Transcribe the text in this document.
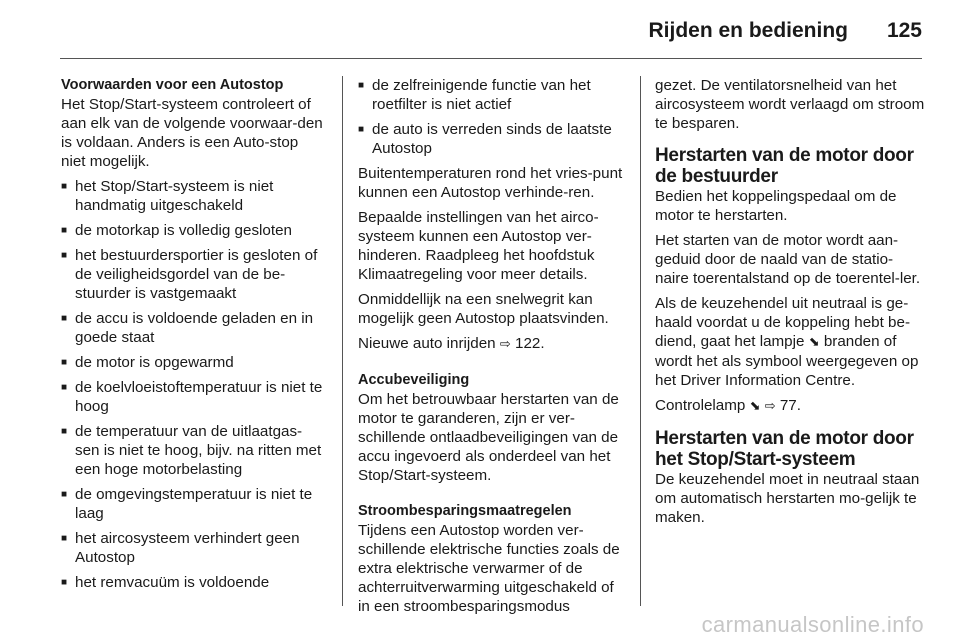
Rijden en bediening 125
Voorwaarden voor een Autostop

Het Stop/Start-systeem controleert of aan elk van de volgende voorwaar-den is voldaan. Anders is een Auto-stop niet mogelijk.

■ het Stop/Start-systeem is niet handmatig uitgeschakeld
■ de motorkap is volledig gesloten
■ het bestuurdersportier is gesloten of de veiligheidsgordel van de be-stuurder is vastgemaakt
■ de accu is voldoende geladen en in goede staat
■ de motor is opgewarmd
■ de koelvloeistoftemperatuur is niet te hoog
■ de temperatuur van de uitlaatgas-sen is niet te hoog, bijv. na ritten met een hoge motorbelasting
■ de omgevingstemperatuur is niet te laag
■ het aircosysteem verhindert geen Autostop
■ het remvacuüm is voldoende
■ de zelfreinigende functie van het roetfilter is niet actief
■ de auto is verreden sinds de laatste Autostop

Buitentemperaturen rond het vries-punt kunnen een Autostop verhinde-ren.

Bepaalde instellingen van het airco-systeem kunnen een Autostop ver-hinderen. Raadpleeg het hoofdstuk Klimaatregeling voor meer details.

Onmiddellijk na een snelwegrit kan mogelijk geen Autostop plaatsvinden.

Nieuwe auto inrijden ⇨ 122.

Accubeveiliging

Om het betrouwbaar herstarten van de motor te garanderen, zijn er ver-schillende ontlaadbeveiligingen van de accu ingevoerd als onderdeel van het Stop/Start-systeem.

Stroombesparingsmaatregelen

Tijdens een Autostop worden ver-schillende elektrische functies zoals de extra elektrische verwarmer of de achterruitverwarming uitgeschakeld of in een stroombesparingsmodus

gezet. De ventilatorsnelheid van het aircosysteem wordt verlaagd om stroom te besparen.

Herstarten van de motor door de bestuurder

Bedien het koppelingspedaal om de motor te herstarten.

Het starten van de motor wordt aan-geduid door de naald van de statio-naire toerentalstand op de toerentel-ler.

Als de keuzehendel uit neutraal is ge-haald voordat u de koppeling hebt be-diend, gaat het lampje ⬊ branden of wordt het als symbool weergegeven op het Driver Information Centre.

Controlelamp ⬊ ⇨ 77.

Herstarten van de motor door het Stop/Start-systeem

De keuzehendel moet in neutraal staan om automatisch herstarten mo-gelijk te maken.

carmanualsonline.info
